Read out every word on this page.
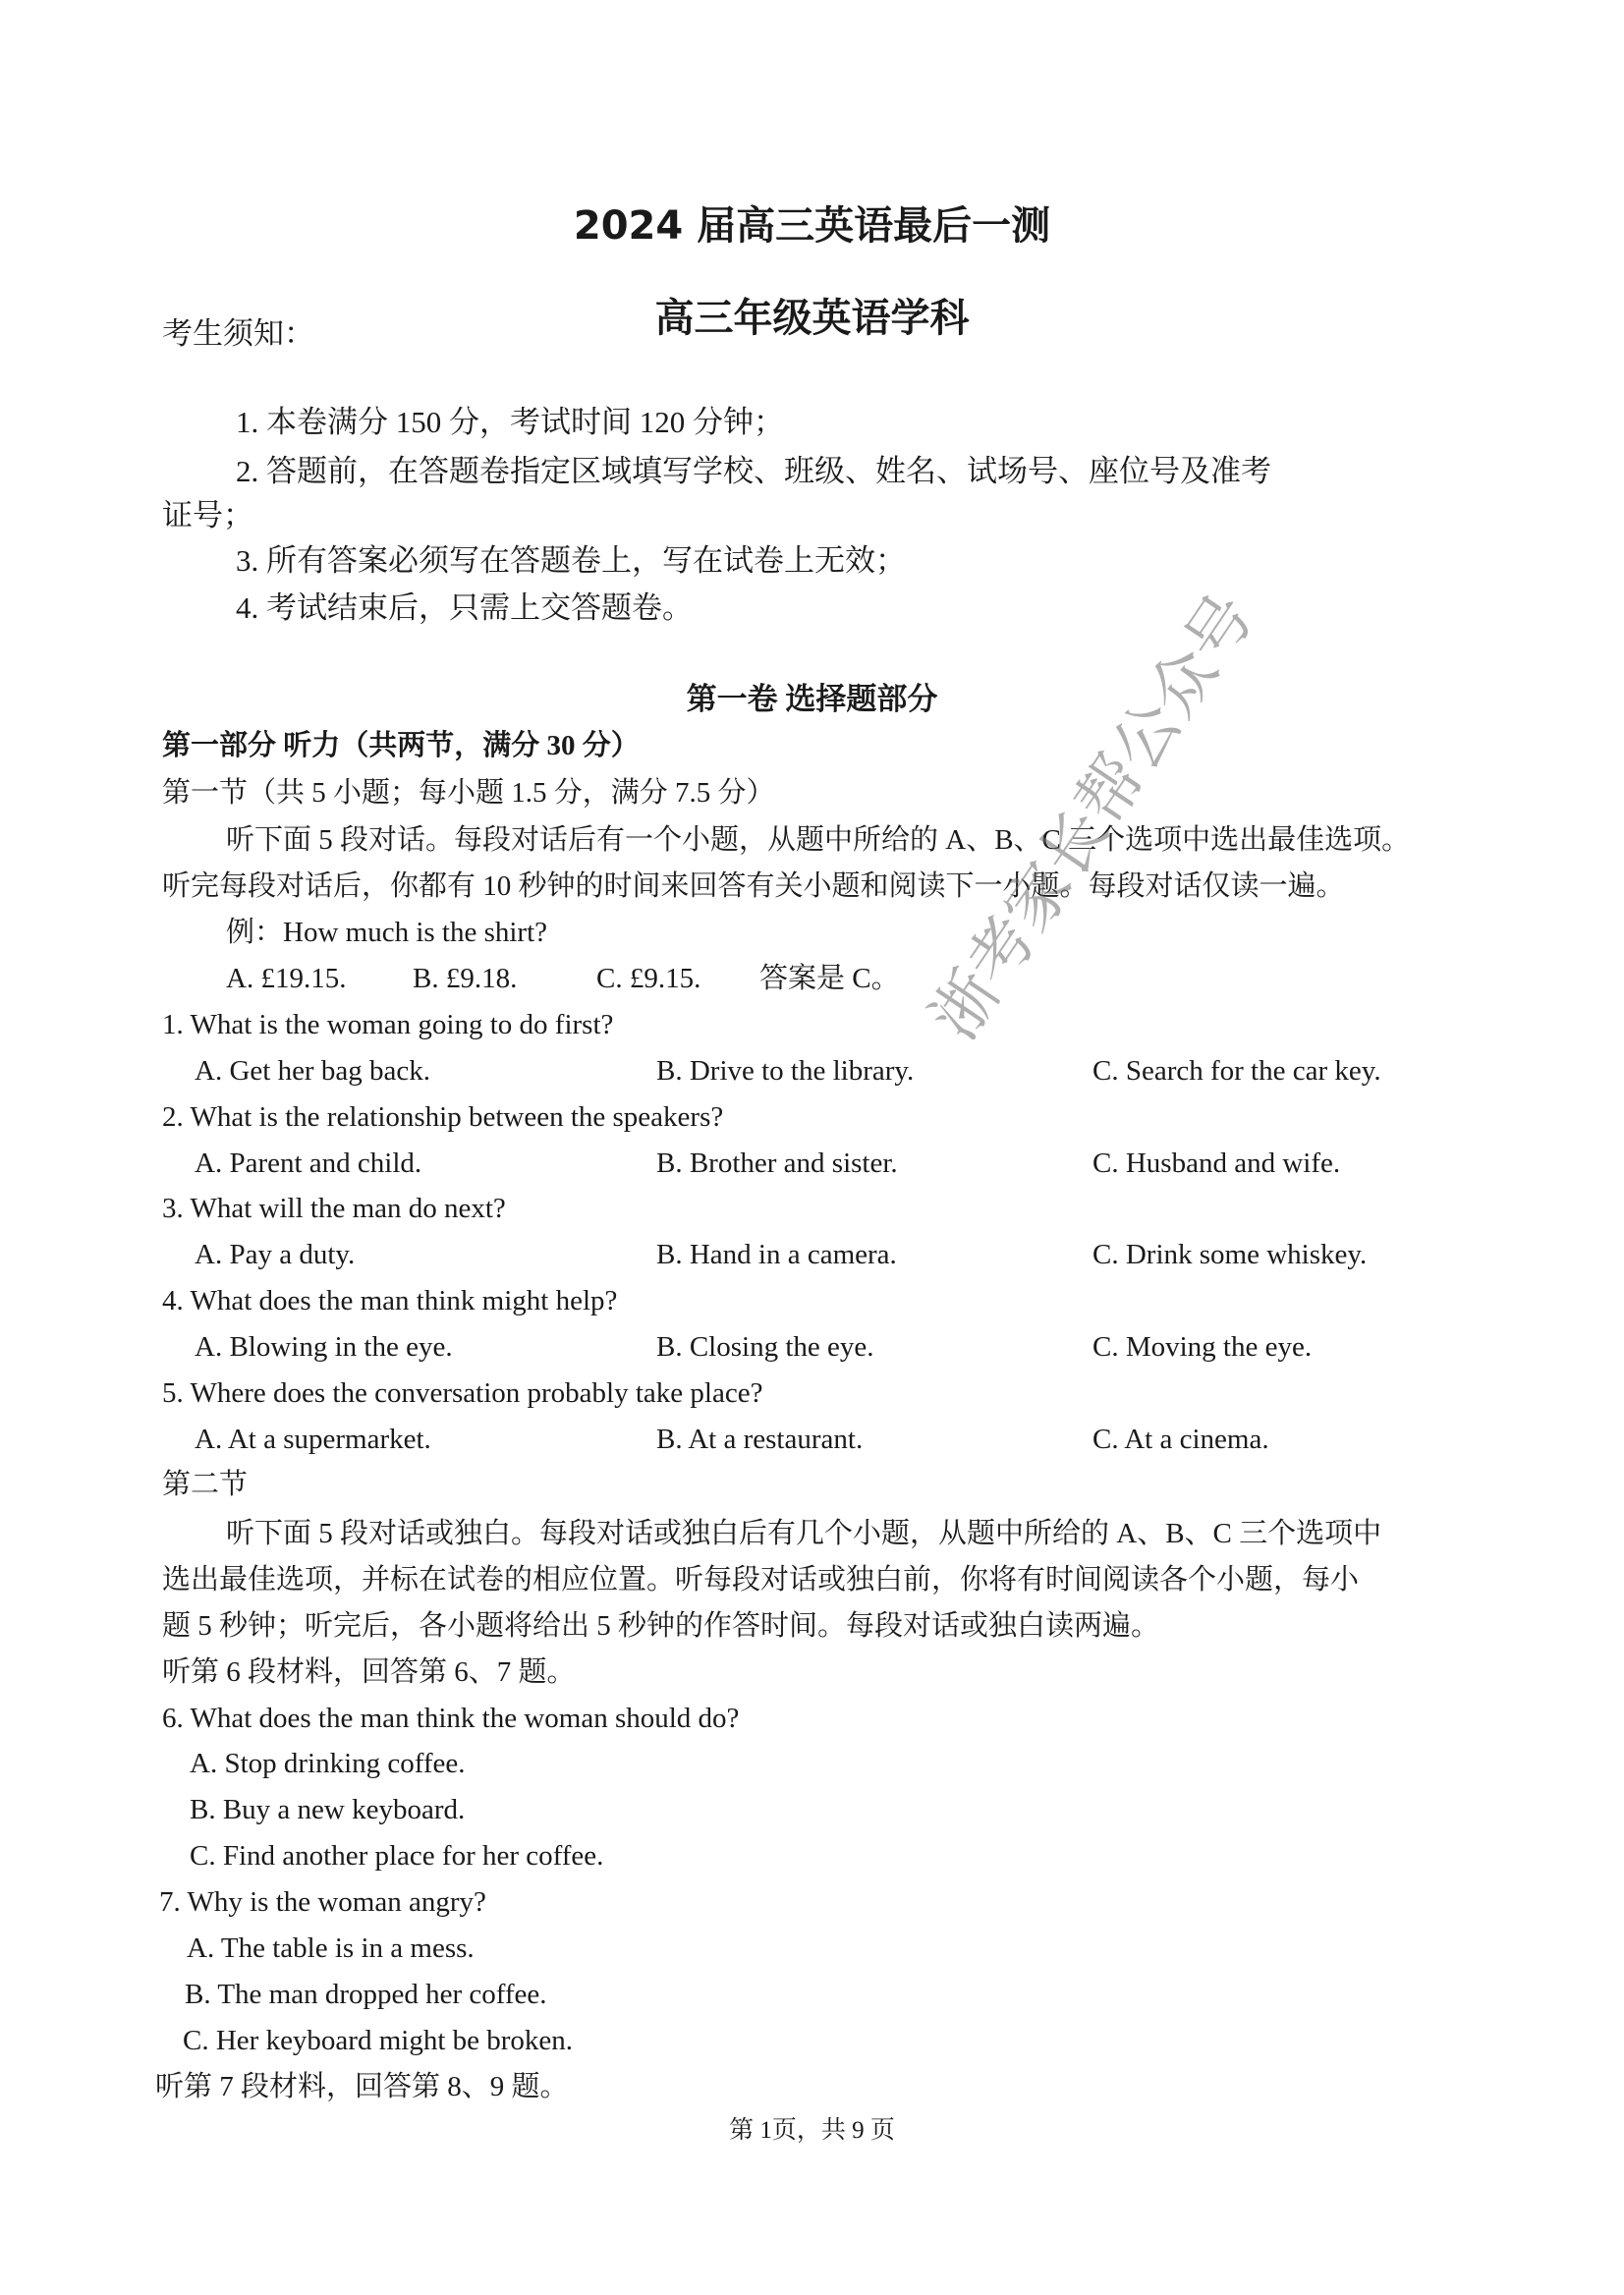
2024 届高三英语最后一测
高三年级英语学科
考生须知：
1. 本卷满分 150 分，考试时间 120 分钟；
2. 答题前，在答题卷指定区域填写学校、班级、姓名、试场号、座位号及准考
证号；
3. 所有答案必须写在答题卷上，写在试卷上无效；
4. 考试结束后，只需上交答题卷。
第一卷 选择题部分
第一部分 听力（共两节，满分 30 分）
第一节（共 5 小题；每小题 1.5 分，满分 7.5 分）
听下面 5 段对话。每段对话后有一个小题，从题中所给的 A、B、C 三个选项中选出最佳选项。
听完每段对话后，你都有 10 秒钟的时间来回答有关小题和阅读下一小题。每段对话仅读一遍。
例：How much is the shirt?
A. £19.15. B. £9.18.	C. £9.15. 答案是 C。
1. What is the woman going to do first?
A. Get her bag back.	B. Drive to the library.	C. Search for the car key.
2. What is the relationship between the speakers?
A. Parent and child.	B. Brother and sister.	C. Husband and wife.
3. What will the man do next?
A. Pay a duty.	B. Hand in a camera.	C. Drink some whiskey.
4. What does the man think might help?
A. Blowing in the eye.	B. Closing the eye.	C. Moving the eye.
5. Where does the conversation probably take place?
A. At a supermarket.	B. At a restaurant.	C. At a cinema.
第二节
听下面 5 段对话或独白。每段对话或独白后有几个小题，从题中所给的 A、B、C 三个选项中
选出最佳选项，并标在试卷的相应位置。听每段对话或独白前，你将有时间阅读各个小题，每小
题 5 秒钟；听完后，各小题将给出 5 秒钟的作答时间。每段对话或独白读两遍。
听第 6 段材料，回答第 6、7 题。
6. What does the man think the woman should do?
A. Stop drinking coffee.
B. Buy a new keyboard.
C. Find another place for her coffee.
7. Why is the woman angry?
A. The table is in a mess.
B. The man dropped her coffee.
C. Her keyboard might be broken.
听第 7 段材料，回答第 8、9 题。
第 1页，共 9 页
浙考家长帮公众号
